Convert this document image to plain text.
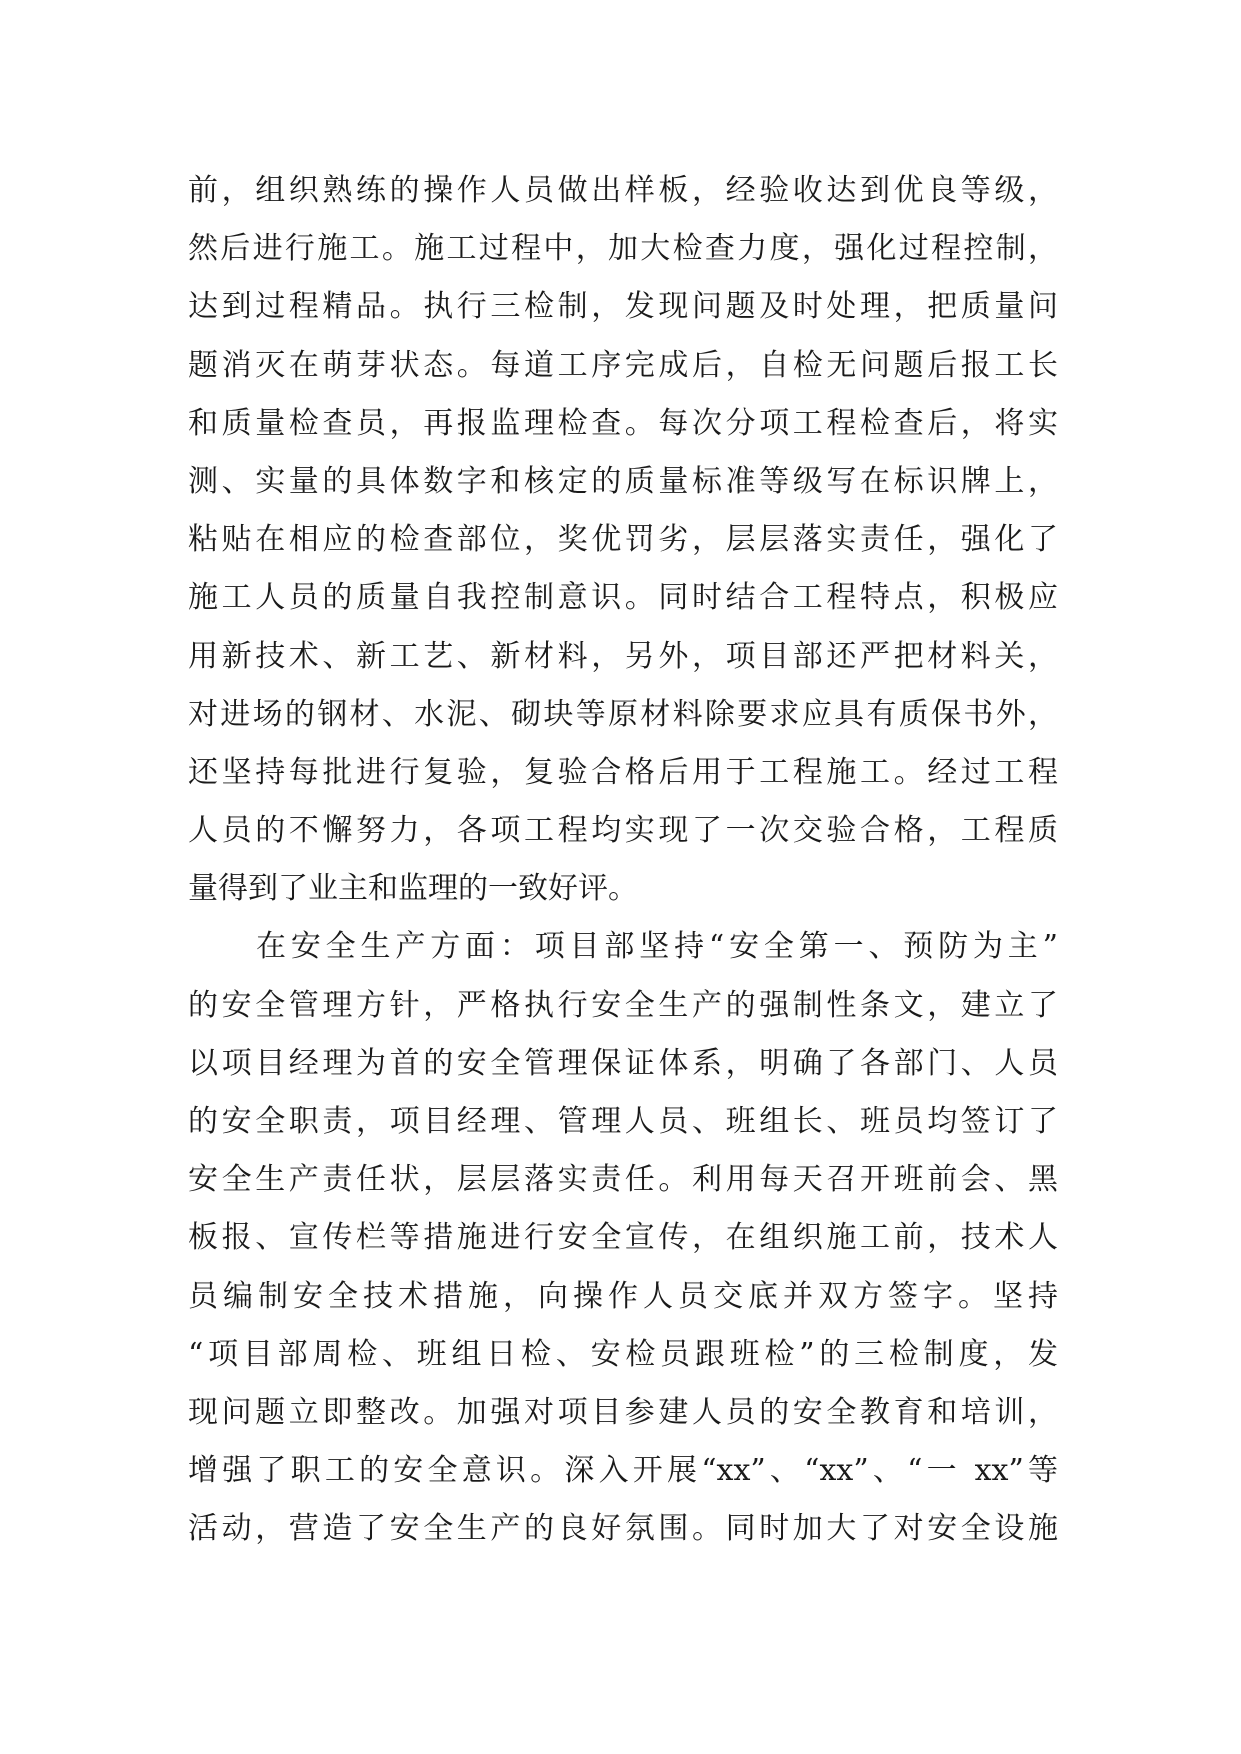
前，组织熟练的操作人员做出样板，经验收达到优良等级，
然后进行施工。施工过程中，加大检查力度，强化过程控制，
达到过程精品。执行三检制，发现问题及时处理，把质量问
题消灭在萌芽状态。每道工序完成后，自检无问题后报工长
和质量检查员，再报监理检查。每次分项工程检查后，将实
测、实量的具体数字和核定的质量标准等级写在标识牌上，
粘贴在相应的检查部位，奖优罚劣，层层落实责任，强化了
施工人员的质量自我控制意识。同时结合工程特点，积极应
用新技术、新工艺、新材料，另外，项目部还严把材料关，
对进场的钢材、水泥、砌块等原材料除要求应具有质保书外，
还坚持每批进行复验，复验合格后用于工程施工。经过工程
人员的不懈努力，各项工程均实现了一次交验合格，工程质
量得到了业主和监理的一致好评。
在安全生产方面：项目部坚持“安全第一、预防为主”
的安全管理方针，严格执行安全生产的强制性条文，建立了
以项目经理为首的安全管理保证体系，明确了各部门、人员
的安全职责，项目经理、管理人员、班组长、班员均签订了
安全生产责任状，层层落实责任。利用每天召开班前会、黑
板报、宣传栏等措施进行安全宣传，在组织施工前，技术人
员编制安全技术措施，向操作人员交底并双方签字。坚持
“项目部周检、班组日检、安检员跟班检”的三检制度，发
现问题立即整改。加强对项目参建人员的安全教育和培训，
增强了职工的安全意识。深入开展“xx”、“xx”、“一 xx”等
活动，营造了安全生产的良好氛围。同时加大了对安全设施
